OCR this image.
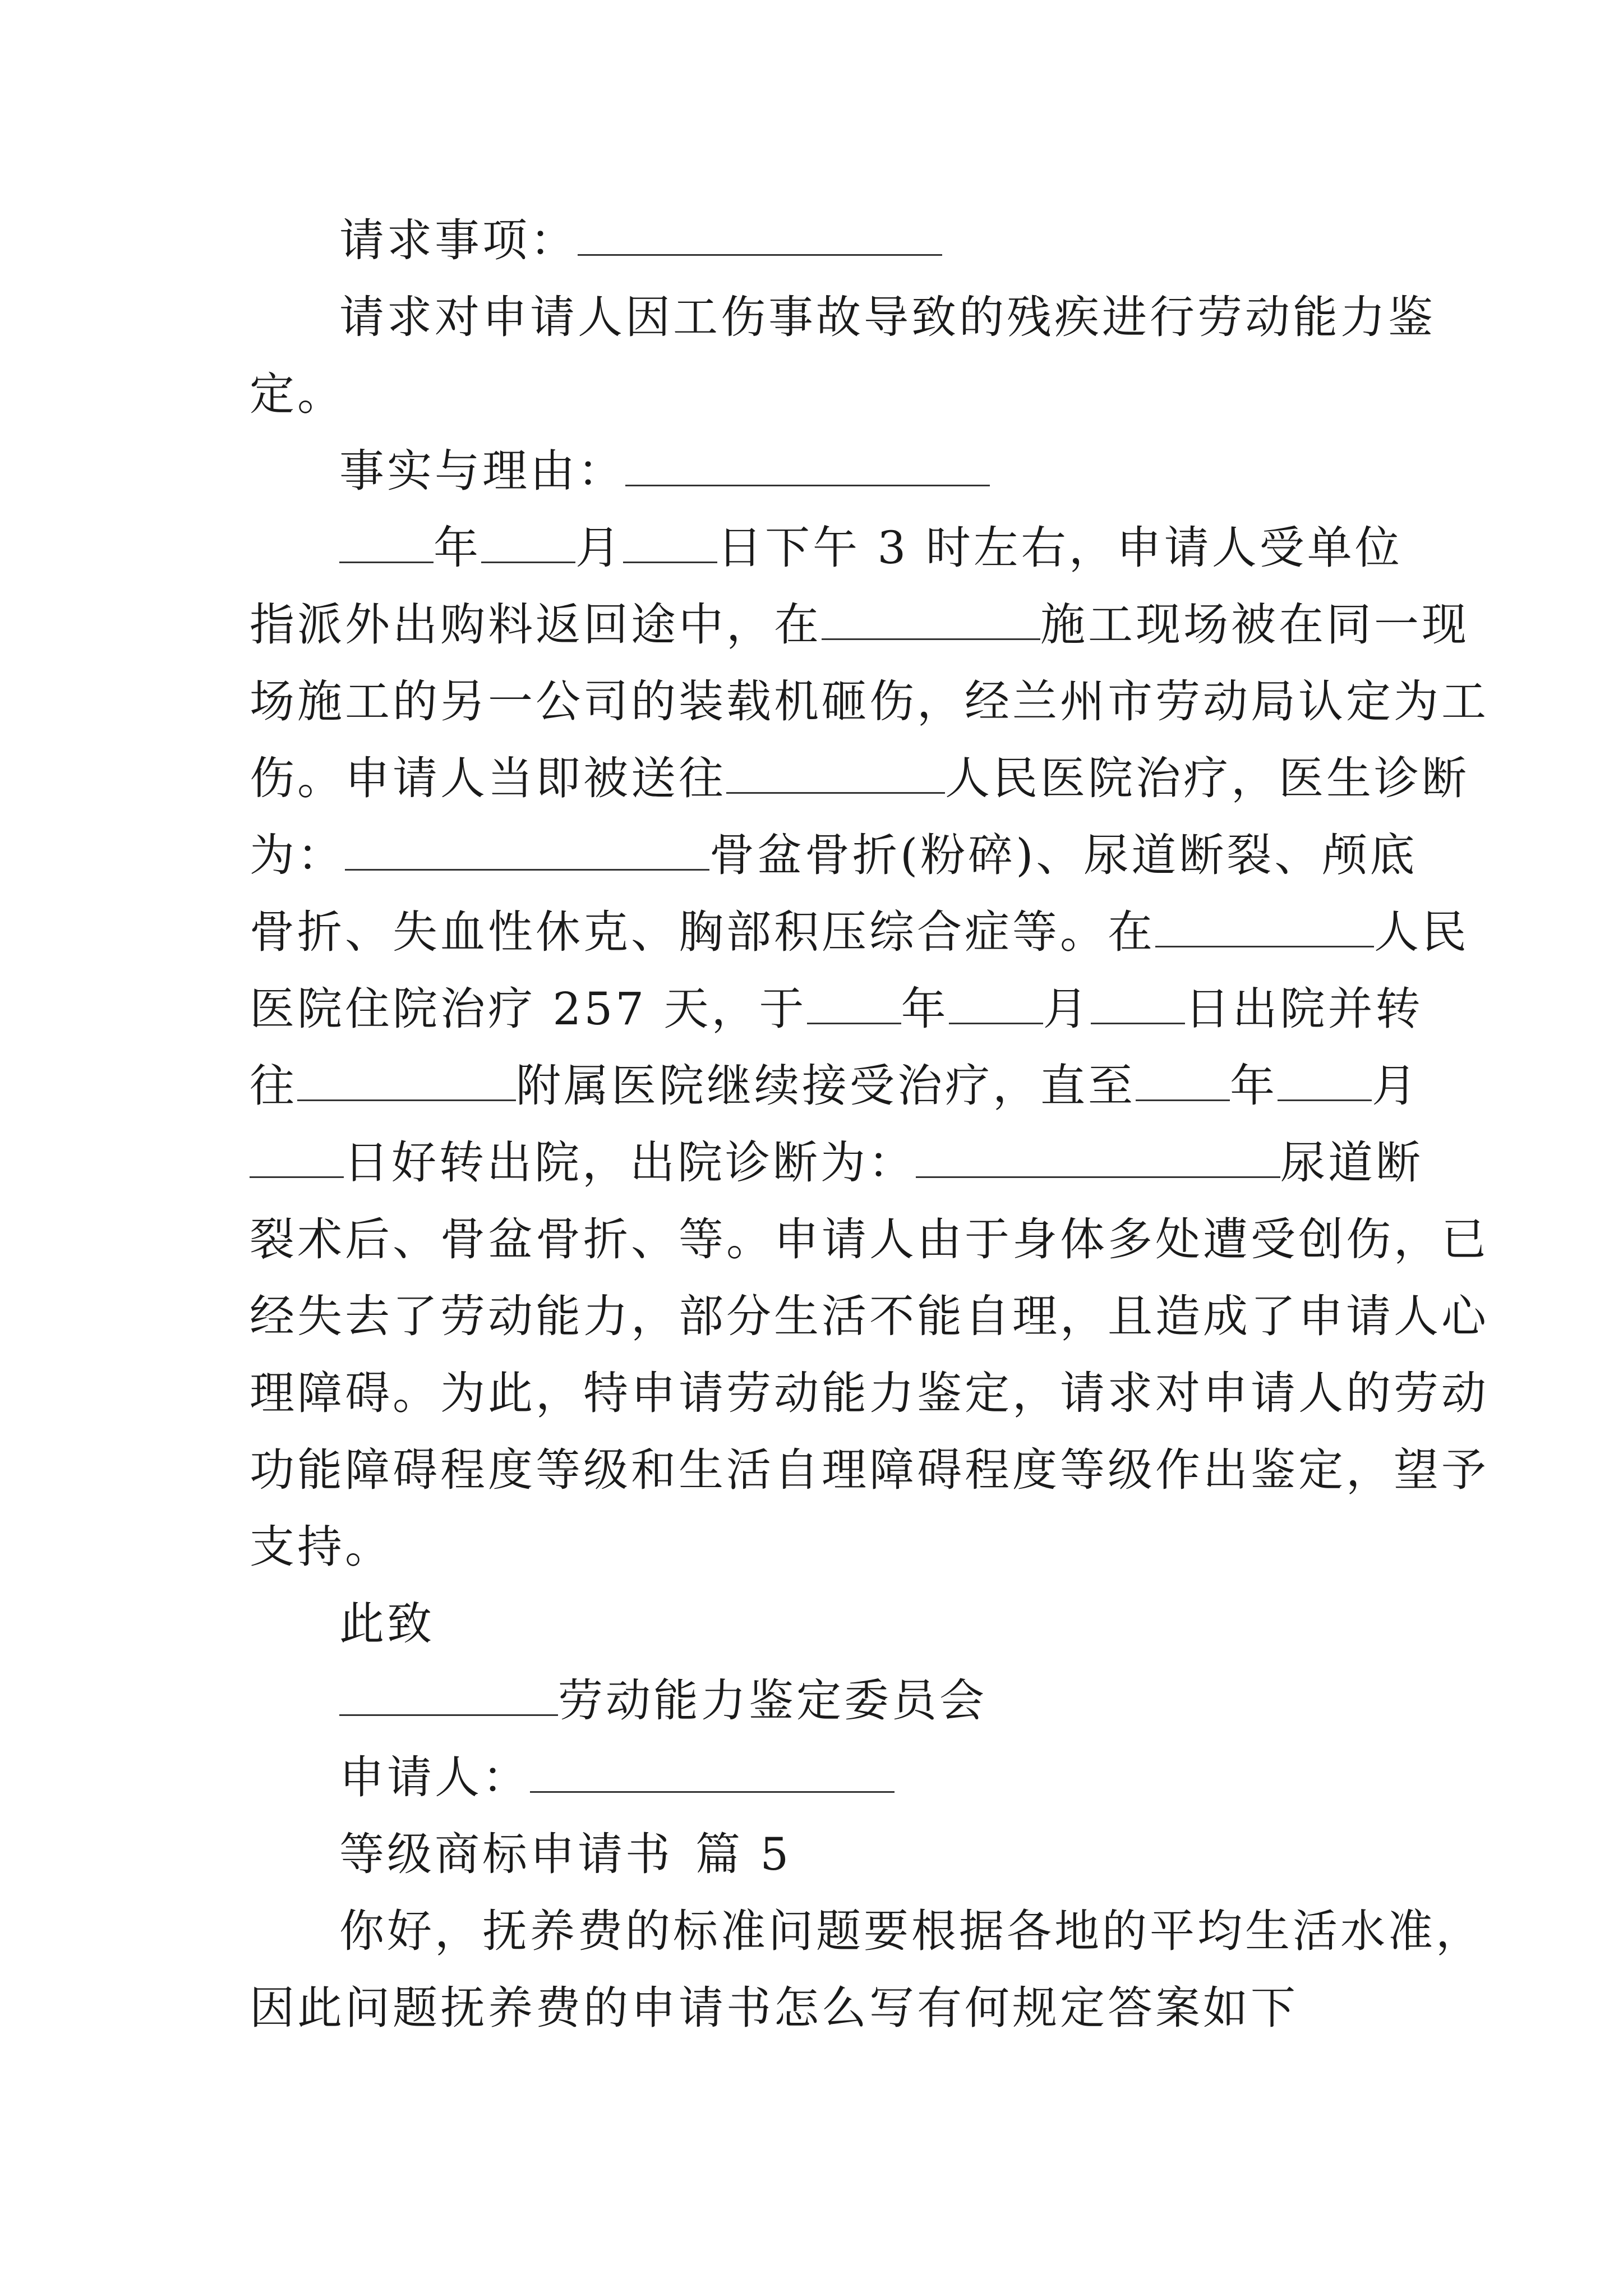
请求事项：
请求对申请人因工伤事故导致的残疾进行劳动能力鉴
定。
事实与理由：
年 月 日下午 3 时左右，申请人受单位
指派外出购料返回途中，在	施工现场被在同一现
场施工的另一公司的装载机砸伤，经兰州市劳动局认定为工
伤。申请人当即被送往	人民医院治疗，医生诊断
为：	骨盆骨折(粉碎)、尿道断裂、颅底
骨折、失血性休克、胸部积压综合症等。在	人民
医院住院治疗 257 天，于 年 月 日出院并转
往	附属医院继续接受治疗，直至 年 月
日好转出院，出院诊断为：	尿道断
裂术后、骨盆骨折、等。申请人由于身体多处遭受创伤，已
经失去了劳动能力，部分生活不能自理，且造成了申请人心
理障碍。为此，特申请劳动能力鉴定，请求对申请人的劳动
功能障碍程度等级和生活自理障碍程度等级作出鉴定，望予
支持。
此致
劳动能力鉴定委员会
申请人：
等级商标申请书 篇 5
你好，抚养费的标准问题要根据各地的平均生活水准，
因此问题抚养费的申请书怎么写有何规定答案如下
